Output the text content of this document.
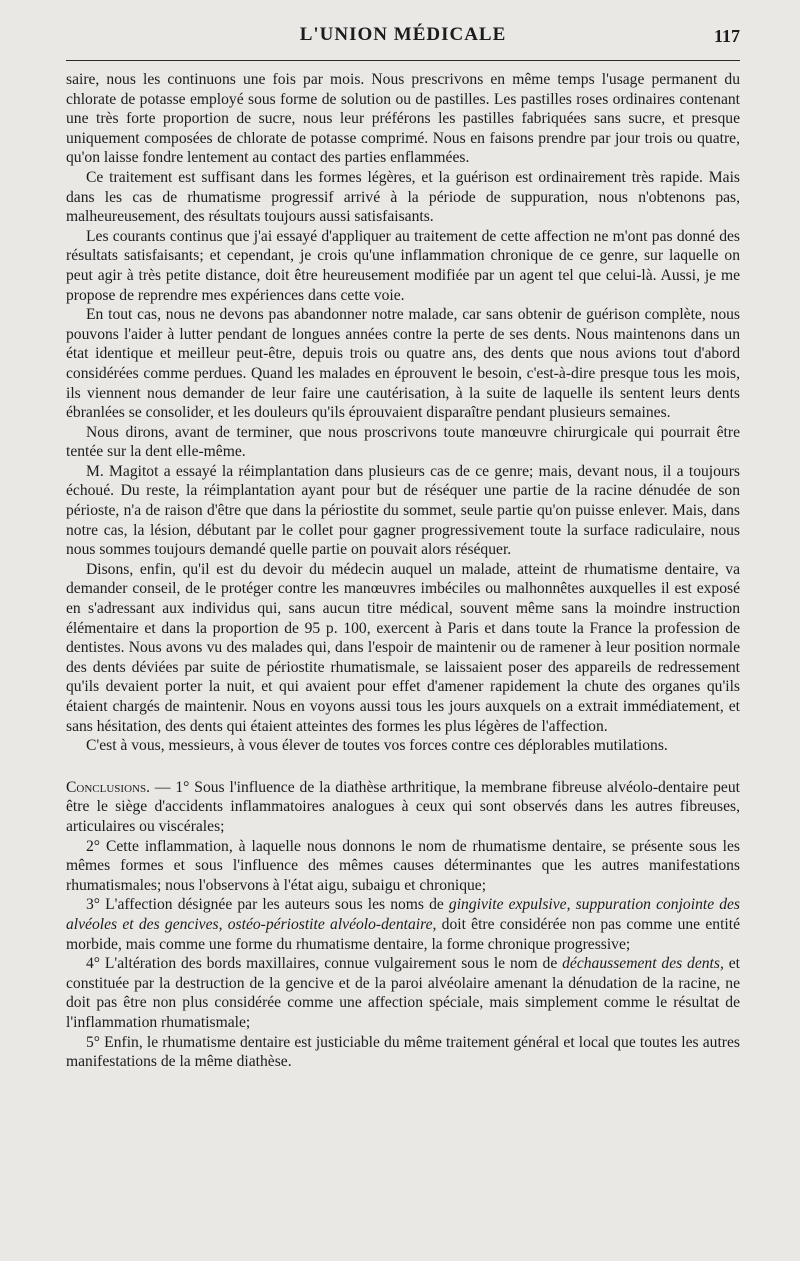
L'UNION MÉDICALE	117

saire, nous les continuons une fois par mois. Nous prescrivons en même temps l'usage permanent du chlorate de potasse employé sous forme de solution ou de pastilles. Les pastilles roses ordinaires contenant une très forte proportion de sucre, nous leur préférons les pastilles fabriquées sans sucre, et presque uniquement composées de chlorate de potasse comprimé. Nous en faisons prendre par jour trois ou quatre, qu'on laisse fondre lentement au contact des parties enflammées.

Ce traitement est suffisant dans les formes légères, et la guérison est ordinairement très rapide. Mais dans les cas de rhumatisme progressif arrivé à la période de suppuration, nous n'obtenons pas, malheureusement, des résultats toujours aussi satisfaisants.

Les courants continus que j'ai essayé d'appliquer au traitement de cette affection ne m'ont pas donné des résultats satisfaisants; et cependant, je crois qu'une inflammation chronique de ce genre, sur laquelle on peut agir à très petite distance, doit être heureusement modifiée par un agent tel que celui-là. Aussi, je me propose de reprendre mes expériences dans cette voie.

En tout cas, nous ne devons pas abandonner notre malade, car sans obtenir de guérison complète, nous pouvons l'aider à lutter pendant de longues années contre la perte de ses dents. Nous maintenons dans un état identique et meilleur peut-être, depuis trois ou quatre ans, des dents que nous avions tout d'abord considérées comme perdues. Quand les malades en éprouvent le besoin, c'est-à-dire presque tous les mois, ils viennent nous demander de leur faire une cautérisation, à la suite de laquelle ils sentent leurs dents ébranlées se consolider, et les douleurs qu'ils éprouvaient disparaître pendant plusieurs semaines.

Nous dirons, avant de terminer, que nous proscrivons toute manœuvre chirurgicale qui pourrait être tentée sur la dent elle-même.

M. Magitot a essayé la réimplantation dans plusieurs cas de ce genre; mais, devant nous, il a toujours échoué. Du reste, la réimplantation ayant pour but de réséquer une partie de la racine dénudée de son périoste, n'a de raison d'être que dans la périostite du sommet, seule partie qu'on puisse enlever. Mais, dans notre cas, la lésion, débutant par le collet pour gagner progressivement toute la surface radiculaire, nous nous sommes toujours demandé quelle partie on pouvait alors réséquer.

Disons, enfin, qu'il est du devoir du médecin auquel un malade, atteint de rhumatisme dentaire, va demander conseil, de le protéger contre les manœuvres imbéciles ou malhonnêtes auxquelles il est exposé en s'adressant aux individus qui, sans aucun titre médical, souvent même sans la moindre instruction élémentaire et dans la proportion de 95 p. 100, exercent à Paris et dans toute la France la profession de dentistes. Nous avons vu des malades qui, dans l'espoir de maintenir ou de ramener à leur position normale des dents déviées par suite de périostite rhumatismale, se laissaient poser des appareils de redressement qu'ils devaient porter la nuit, et qui avaient pour effet d'amener rapidement la chute des organes qu'ils étaient chargés de maintenir. Nous en voyons aussi tous les jours auxquels on a extrait immédiatement, et sans hésitation, des dents qui étaient atteintes des formes les plus légères de l'affection.

C'est à vous, messieurs, à vous élever de toutes vos forces contre ces déplorables mutilations.

Conclusions. — 1° Sous l'influence de la diathèse arthritique, la membrane fibreuse alvéolo-dentaire peut être le siège d'accidents inflammatoires analogues à ceux qui sont observés dans les autres fibreuses, articulaires ou viscérales;

2° Cette inflammation, à laquelle nous donnons le nom de rhumatisme dentaire, se présente sous les mêmes formes et sous l'influence des mêmes causes déterminantes que les autres manifestations rhumatismales; nous l'observons à l'état aigu, subaigu et chronique;

3° L'affection désignée par les auteurs sous les noms de gingivite expulsive, suppuration conjointe des alvéoles et des gencives, ostéo-périostite alvéolo-dentaire, doit être considérée non pas comme une entité morbide, mais comme une forme du rhumatisme dentaire, la forme chronique progressive;

4° L'altération des bords maxillaires, connue vulgairement sous le nom de déchaussement des dents, et constituée par la destruction de la gencive et de la paroi alvéolaire amenant la dénudation de la racine, ne doit pas être non plus considérée comme une affection spéciale, mais simplement comme le résultat de l'inflammation rhumatismale;

5° Enfin, le rhumatisme dentaire est justiciable du même traitement général et local que toutes les autres manifestations de la même diathèse.
